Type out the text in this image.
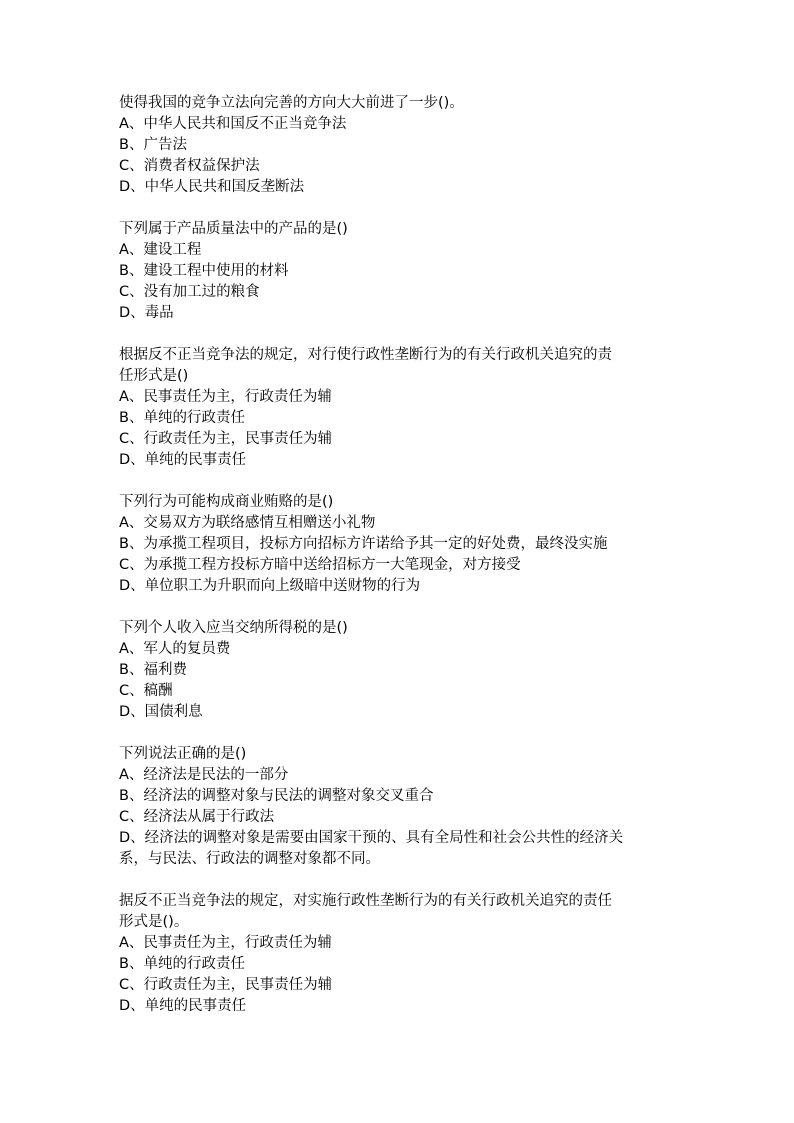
使得我国的竞争立法向完善的方向大大前进了一步()。
A、中华人民共和国反不正当竞争法
B、广告法
C、消费者权益保护法
D、中华人民共和国反垄断法
下列属于产品质量法中的产品的是()
A、建设工程
B、建设工程中使用的材料
C、没有加工过的粮食
D、毒品
根据反不正当竞争法的规定，对行使行政性垄断行为的有关行政机关追究的责
任形式是()
A、民事责任为主，行政责任为辅
B、单纯的行政责任
C、行政责任为主，民事责任为辅
D、单纯的民事责任
下列行为可能构成商业贿赂的是()
A、交易双方为联络感情互相赠送小礼物
B、为承揽工程项目，投标方向招标方许诺给予其一定的好处费，最终没实施
C、为承揽工程方投标方暗中送给招标方一大笔现金，对方接受
D、单位职工为升职而向上级暗中送财物的行为
下列个人收入应当交纳所得税的是()
A、军人的复员费
B、福利费
C、稿酬
D、国债利息
下列说法正确的是()
A、经济法是民法的一部分
B、经济法的调整对象与民法的调整对象交叉重合
C、经济法从属于行政法
D、经济法的调整对象是需要由国家干预的、具有全局性和社会公共性的经济关
系，与民法、行政法的调整对象都不同。
据反不正当竞争法的规定，对实施行政性垄断行为的有关行政机关追究的责任
形式是()。
A、民事责任为主，行政责任为辅
B、单纯的行政责任
C、行政责任为主，民事责任为辅
D、单纯的民事责任
